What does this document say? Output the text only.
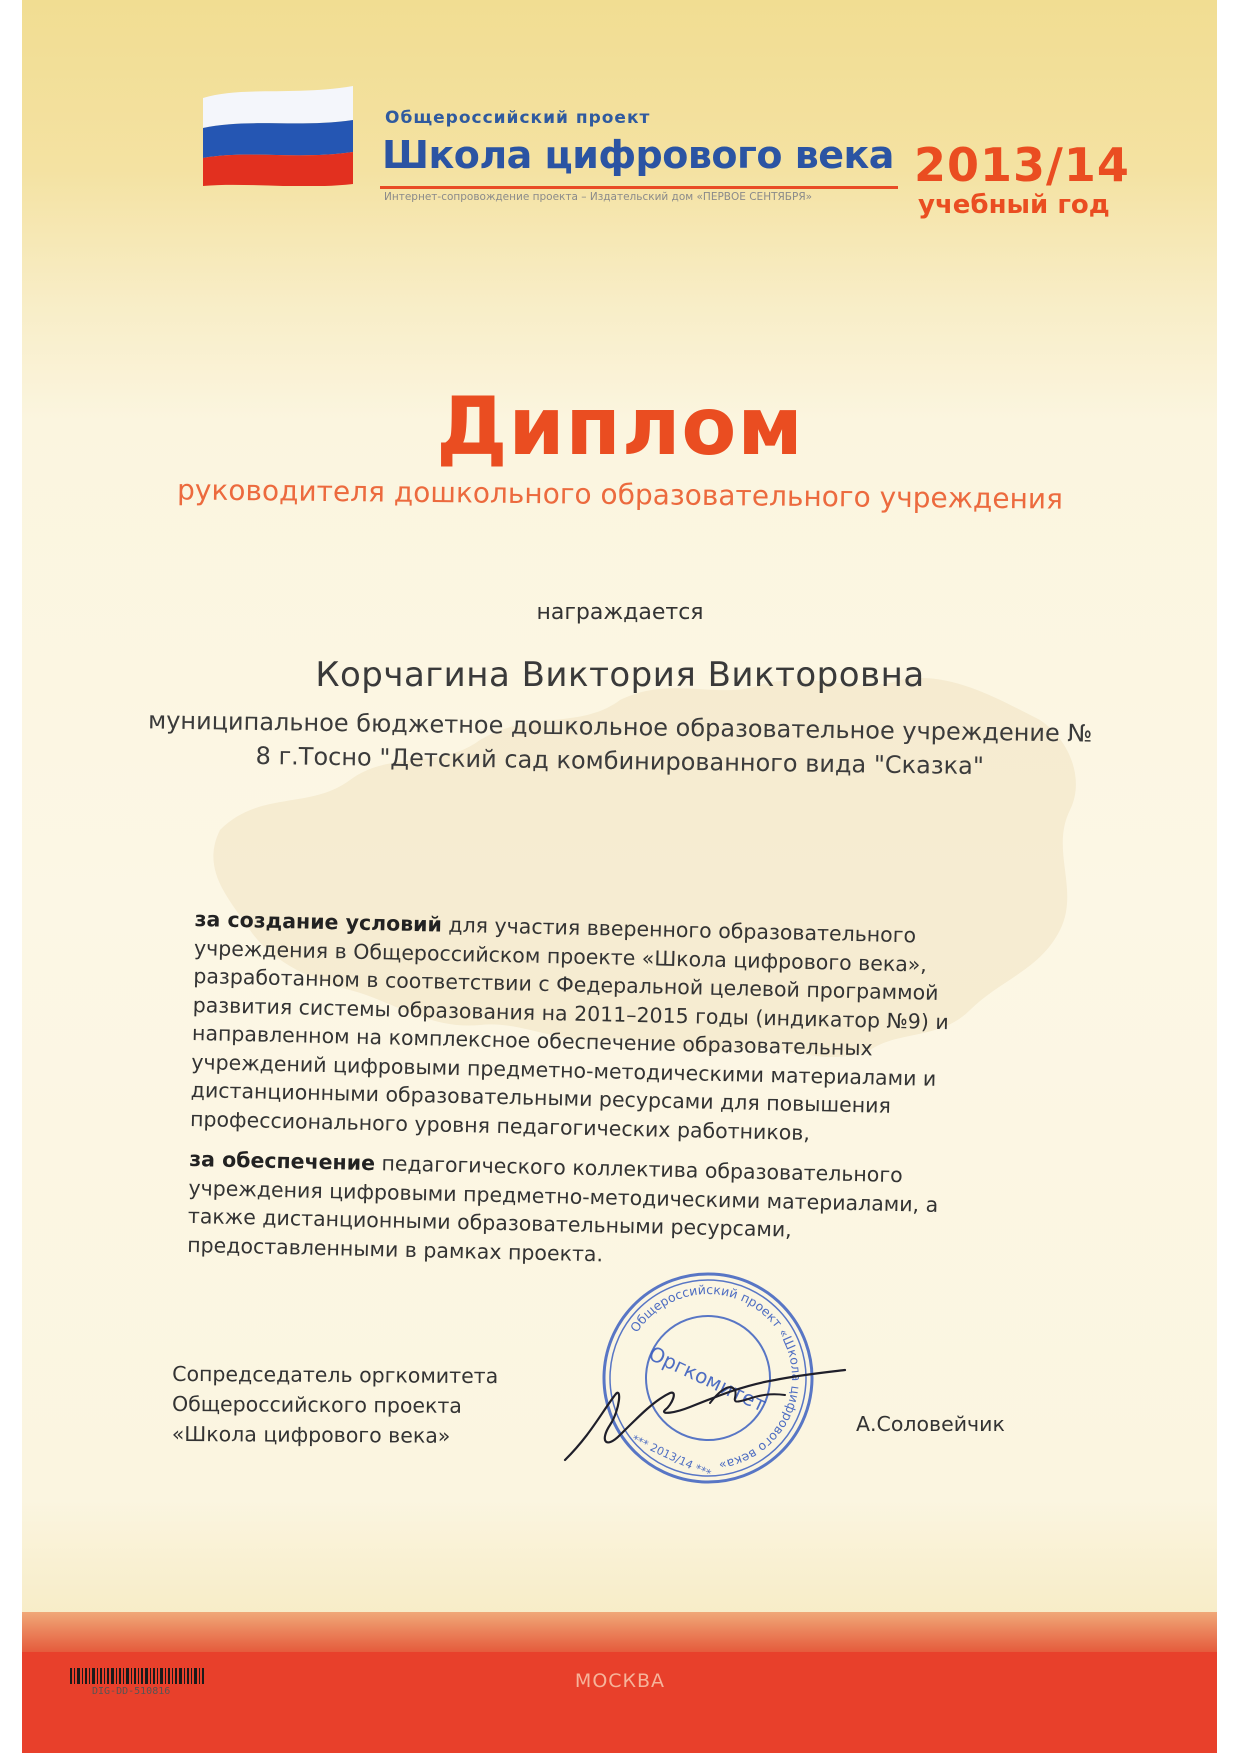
Общероссийский проект
Школа цифрового века
Интернет-сопровождение проекта – Издательский дом «ПЕРВОЕ СЕНТЯБРЯ»
2013/14
учебный год
Диплом
руководителя дошкольного образовательного учреждения
награждается
Корчагина Виктория Викторовна
муниципальное бюджетное дошкольное образовательное учреждение №
8 г.Тосно "Детский сад комбинированного вида "Сказка"

за создание условий для участия вверенного образовательного учреждения в Общероссийском проекте «Школа цифрового века», разработанном в соответствии с Федеральной целевой программой развития системы образования на 2011–2015 годы (индикатор №9) и направленном на комплексное обеспечение образовательных учреждений цифровыми предметно-методическими материалами и дистанционными образовательными ресурсами для повышения профессионального уровня педагогических работников,

за обеспечение педагогического коллектива образовательного учреждения цифровыми предметно-методическими материалами, а также дистанционными образовательными ресурсами, предоставленными в рамках проекта.

Сопредседатель оргкомитета
Общероссийского проекта
«Школа цифрового века»
Общероссийский проект «Школа цифрового века»
Оргкомитет
*** 2013/14 ***
А.Соловейчик
МОСКВА
DIG-DD-510816
